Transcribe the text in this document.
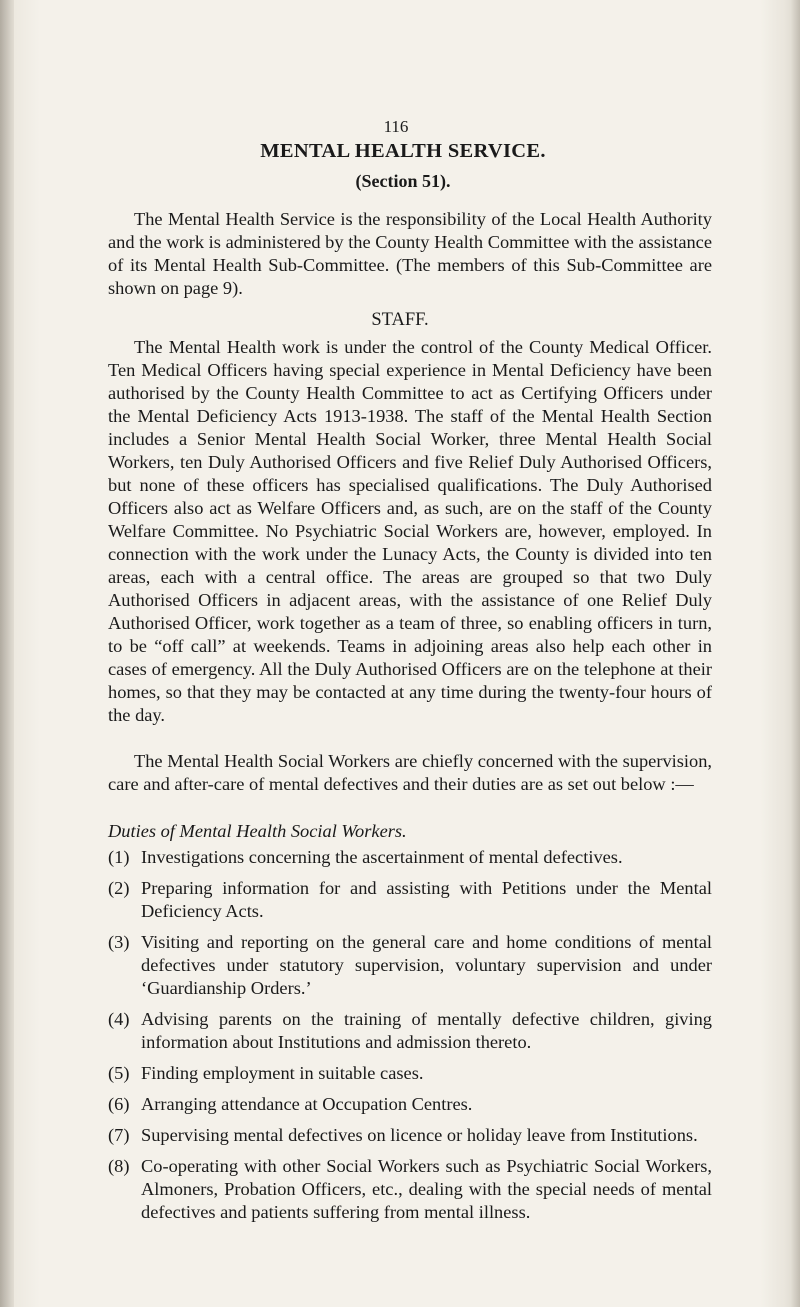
116
MENTAL HEALTH SERVICE.
(Section 51).

The Mental Health Service is the responsibility of the Local Health Authority and the work is administered by the County Health Committee with the assistance of its Mental Health Sub-Committee. (The members of this Sub-Committee are shown on page 9).

STAFF.

The Mental Health work is under the control of the County Medical Officer. Ten Medical Officers having special experience in Mental Deficiency have been authorised by the County Health Committee to act as Certifying Officers under the Mental Deficiency Acts 1913-1938. The staff of the Mental Health Section includes a Senior Mental Health Social Worker, three Mental Health Social Workers, ten Duly Authorised Officers and five Relief Duly Authorised Officers, but none of these officers has specialised qualifications. The Duly Authorised Officers also act as Welfare Officers and, as such, are on the staff of the County Welfare Committee. No Psychiatric Social Workers are, however, employed. In connection with the work under the Lunacy Acts, the County is divided into ten areas, each with a central office. The areas are grouped so that two Duly Authorised Officers in adjacent areas, with the assistance of one Relief Duly Authorised Officer, work together as a team of three, so enabling officers in turn, to be “off call” at weekends. Teams in adjoining areas also help each other in cases of emergency. All the Duly Authorised Officers are on the telephone at their homes, so that they may be contacted at any time during the twenty-four hours of the day.

The Mental Health Social Workers are chiefly concerned with the supervision, care and after-care of mental defectives and their duties are as set out below :—

Duties of Mental Health Social Workers.
(1) Investigations concerning the ascertainment of mental defectives.
(2) Preparing information for and assisting with Petitions under the Mental Deficiency Acts.
(3) Visiting and reporting on the general care and home conditions of mental defectives under statutory supervision, voluntary supervision and under ‘Guardianship Orders.’
(4) Advising parents on the training of mentally defective children, giving information about Institutions and admission thereto.
(5) Finding employment in suitable cases.
(6) Arranging attendance at Occupation Centres.
(7) Supervising mental defectives on licence or holiday leave from Institutions.
(8) Co-operating with other Social Workers such as Psychiatric Social Workers, Almoners, Probation Officers, etc., dealing with the special needs of mental defectives and patients suffering from mental illness.
